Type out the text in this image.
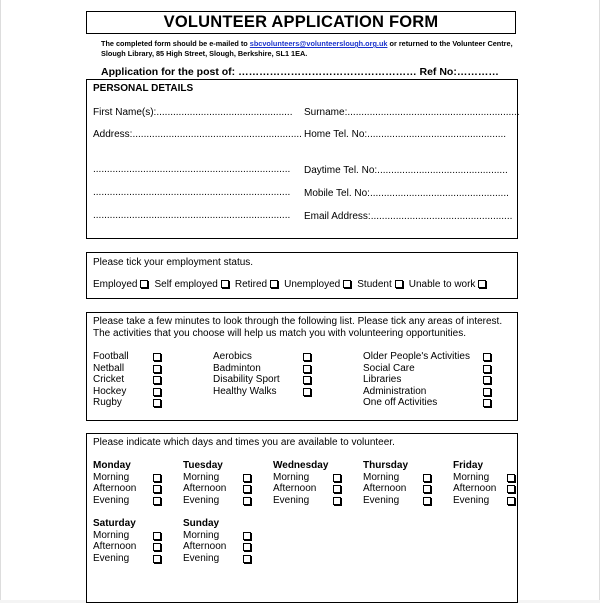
VOLUNTEER APPLICATION FORM
The completed form should be e-mailed to sbcvolunteers@volunteerslough.org.uk or returned to the Volunteer Centre, Slough Library, 85 High Street, Slough, Berkshire, SL1 1EA.
Application for the post of: …………………………………………… Ref No:…………
PERSONAL DETAILS
First Name(s):................................................. Surname:..............................................................
Address:............................................................. Home Tel. No:..................................................
....................................................................... Daytime Tel. No:...............................................
....................................................................... Mobile Tel. No:..................................................
....................................................................... Email Address:...................................................
Please tick your employment status.
Employed Self employed Retired Unemployed Student Unable to work
Please take a few minutes to look through the following list. Please tick any areas of interest.
The activities that you choose will help us match you with volunteering opportunities.
Football
Netball
Cricket
Hockey
Rugby
Aerobics
Badminton
Disability Sport
Healthy Walks
Older People's Activities
Social Care
Libraries
Administration
One off Activities
Please indicate which days and times you are available to volunteer.
Monday
Morning
Afternoon
Evening
Tuesday
Morning
Afternoon
Evening
Wednesday
Morning
Afternoon
Evening
Thursday
Morning
Afternoon
Evening
Friday
Morning
Afternoon
Evening
Saturday
Morning
Afternoon
Evening
Sunday
Morning
Afternoon
Evening
